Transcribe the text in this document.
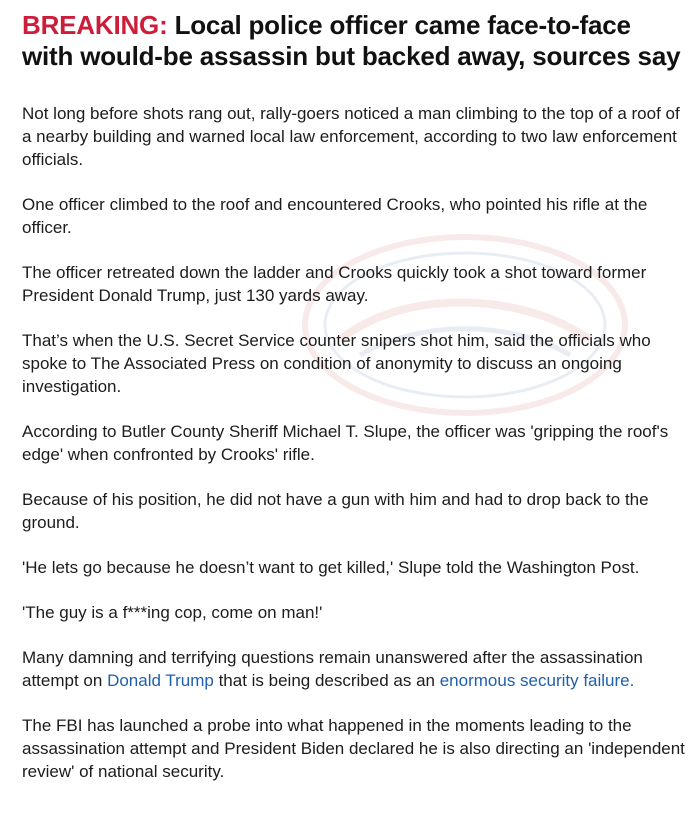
BREAKING: Local police officer came face-to-face with would-be assassin but backed away, sources say

Not long before shots rang out, rally-goers noticed a man climbing to the top of a roof of a nearby building and warned local law enforcement, according to two law enforcement officials.

One officer climbed to the roof and encountered Crooks, who pointed his rifle at the officer.

The officer retreated down the ladder and Crooks quickly took a shot toward former President Donald Trump, just 130 yards away.

That’s when the U.S. Secret Service counter snipers shot him, said the officials who spoke to The Associated Press on condition of anonymity to discuss an ongoing investigation.

According to Butler County Sheriff Michael T. Slupe, the officer was 'gripping the roof's edge' when confronted by Crooks' rifle.

Because of his position, he did not have a gun with him and had to drop back to the ground.

'He lets go because he doesn’t want to get killed,' Slupe told the Washington Post.

'The guy is a f***ing cop, come on man!'

Many damning and terrifying questions remain unanswered after the assassination attempt on Donald Trump that is being described as an enormous security failure.

The FBI has launched a probe into what happened in the moments leading to the assassination attempt and President Biden declared he is also directing an 'independent review' of national security.
